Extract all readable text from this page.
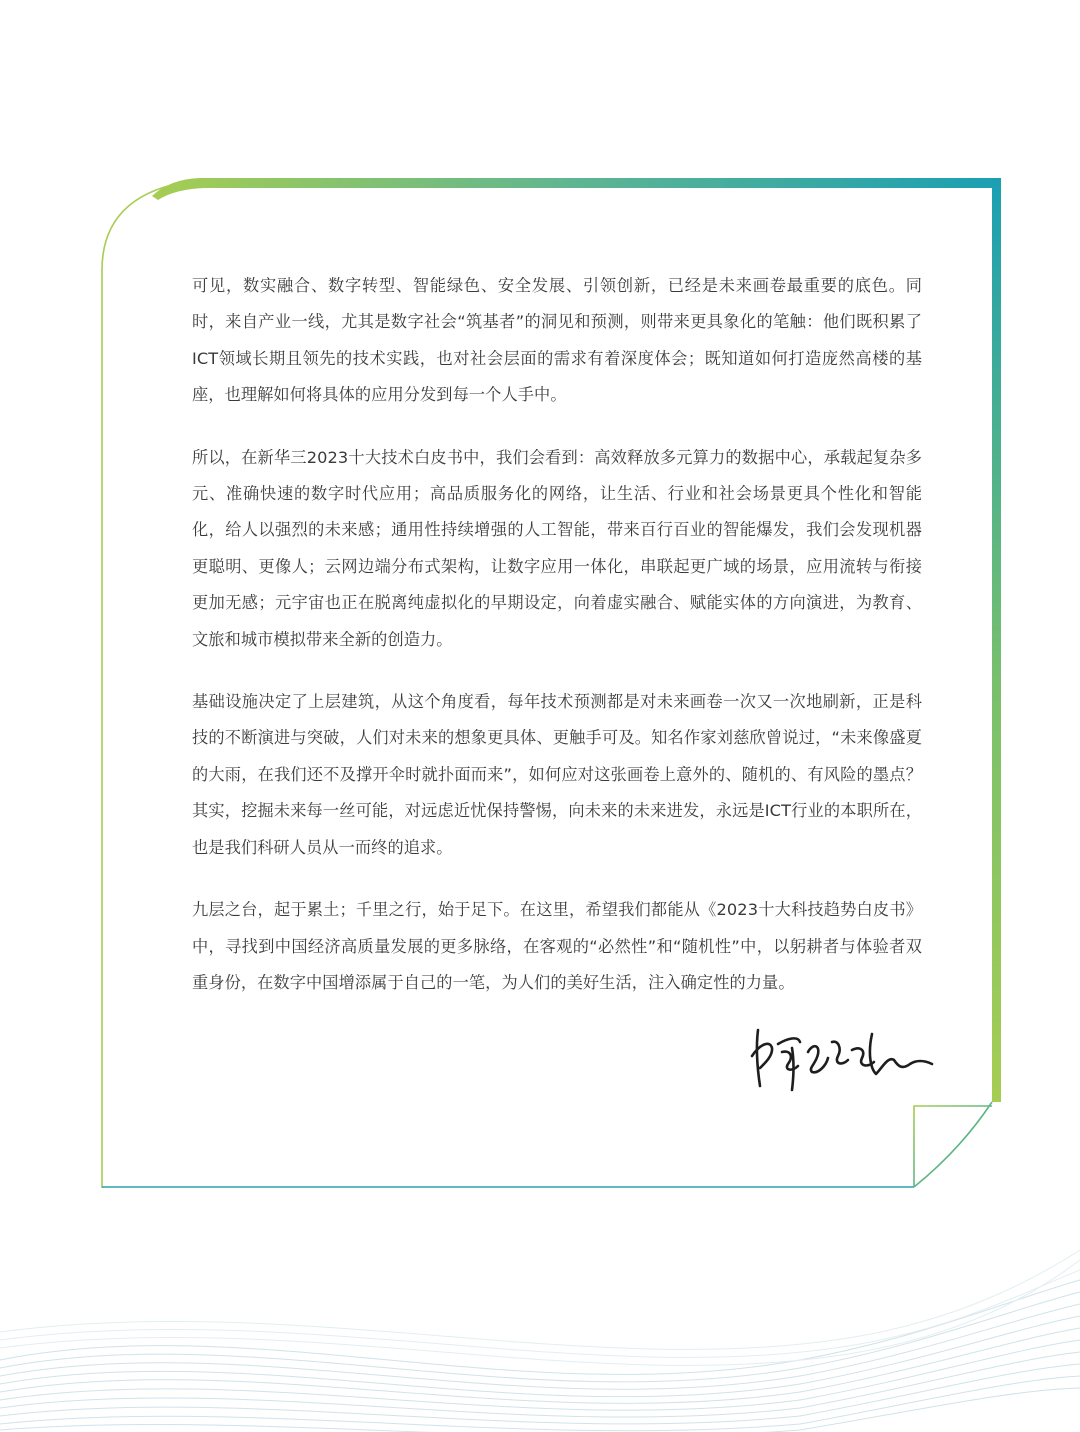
可见，数实融合、数字转型、智能绿色、安全发展、引领创新，已经是未来画卷最重要的底色。同时，来自产业一线，尤其是数字社会“筑基者”的洞见和预测，则带来更具象化的笔触：他们既积累了ICT领域长期且领先的技术实践，也对社会层面的需求有着深度体会；既知道如何打造庞然高楼的基座，也理解如何将具体的应用分发到每一个人手中。

所以，在新华三2023十大技术白皮书中，我们会看到：高效释放多元算力的数据中心，承载起复杂多元、准确快速的数字时代应用；高品质服务化的网络，让生活、行业和社会场景更具个性化和智能化，给人以强烈的未来感；通用性持续增强的人工智能，带来百行百业的智能爆发，我们会发现机器更聪明、更像人；云网边端分布式架构，让数字应用一体化，串联起更广域的场景，应用流转与衔接更加无感；元宇宙也正在脱离纯虚拟化的早期设定，向着虚实融合、赋能实体的方向演进，为教育、文旅和城市模拟带来全新的创造力。

基础设施决定了上层建筑，从这个角度看，每年技术预测都是对未来画卷一次又一次地刷新，正是科技的不断演进与突破，人们对未来的想象更具体、更触手可及。知名作家刘慈欣曾说过，“未来像盛夏的大雨，在我们还不及撑开伞时就扑面而来”，如何应对这张画卷上意外的、随机的、有风险的墨点？其实，挖掘未来每一丝可能，对远虑近忧保持警惕，向未来的未来进发，永远是ICT行业的本职所在，也是我们科研人员从一而终的追求。

九层之台，起于累土；千里之行，始于足下。在这里，希望我们都能从《2023十大科技趋势白皮书》中，寻找到中国经济高质量发展的更多脉络，在客观的“必然性”和“随机性”中，以躬耕者与体验者双重身份，在数字中国增添属于自己的一笔，为人们的美好生活，注入确定性的力量。
